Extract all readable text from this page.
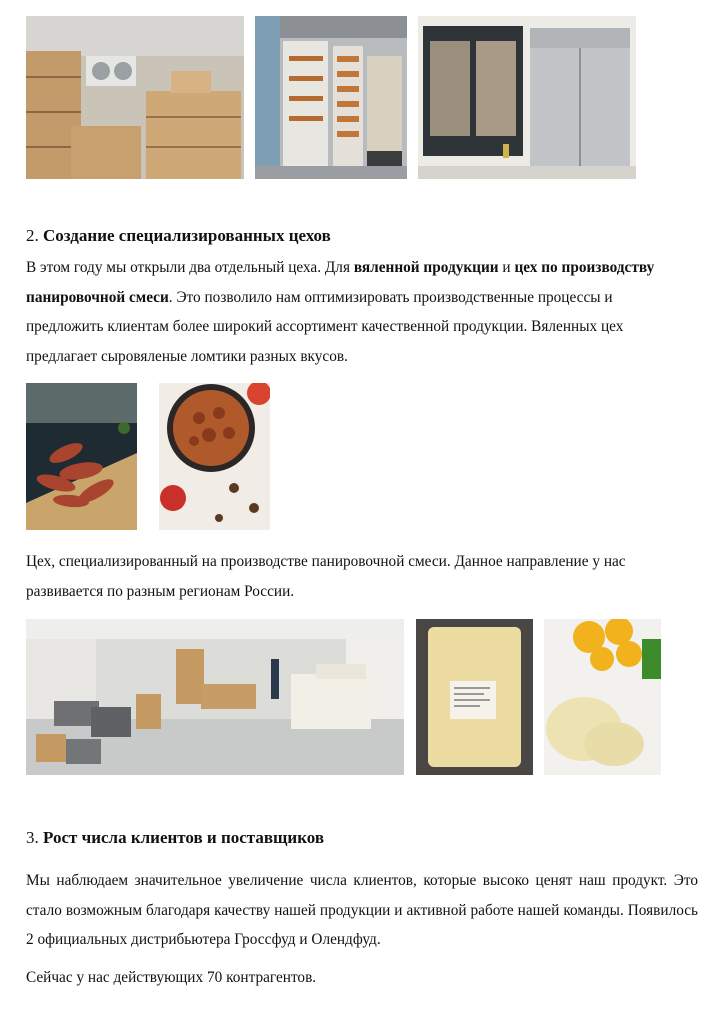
2. Создание специализированных цехов
В этом году мы открыли два отдельный цеха. Для вяленной продукции и цех по производству панировочной смеси. Это позволило нам оптимизировать производственные процессы и предложить клиентам более широкий ассортимент качественной продукции. Вяленных цех предлагает сыровяленые ломтики разных вкусов.
Цех, специализированный на производстве панировочной смеси. Данное направление у нас развивается по разным регионам России.
3. Рост числа клиентов и поставщиков
Мы наблюдаем значительное увеличение числа клиентов, которые высоко ценят наш продукт. Это стало возможным благодаря качеству нашей продукции и активной работе нашей команды. Появилось 2 официальных дистрибьютера Гроссфуд и Олендфуд.
Сейчас у нас действующих 70 контрагентов.
